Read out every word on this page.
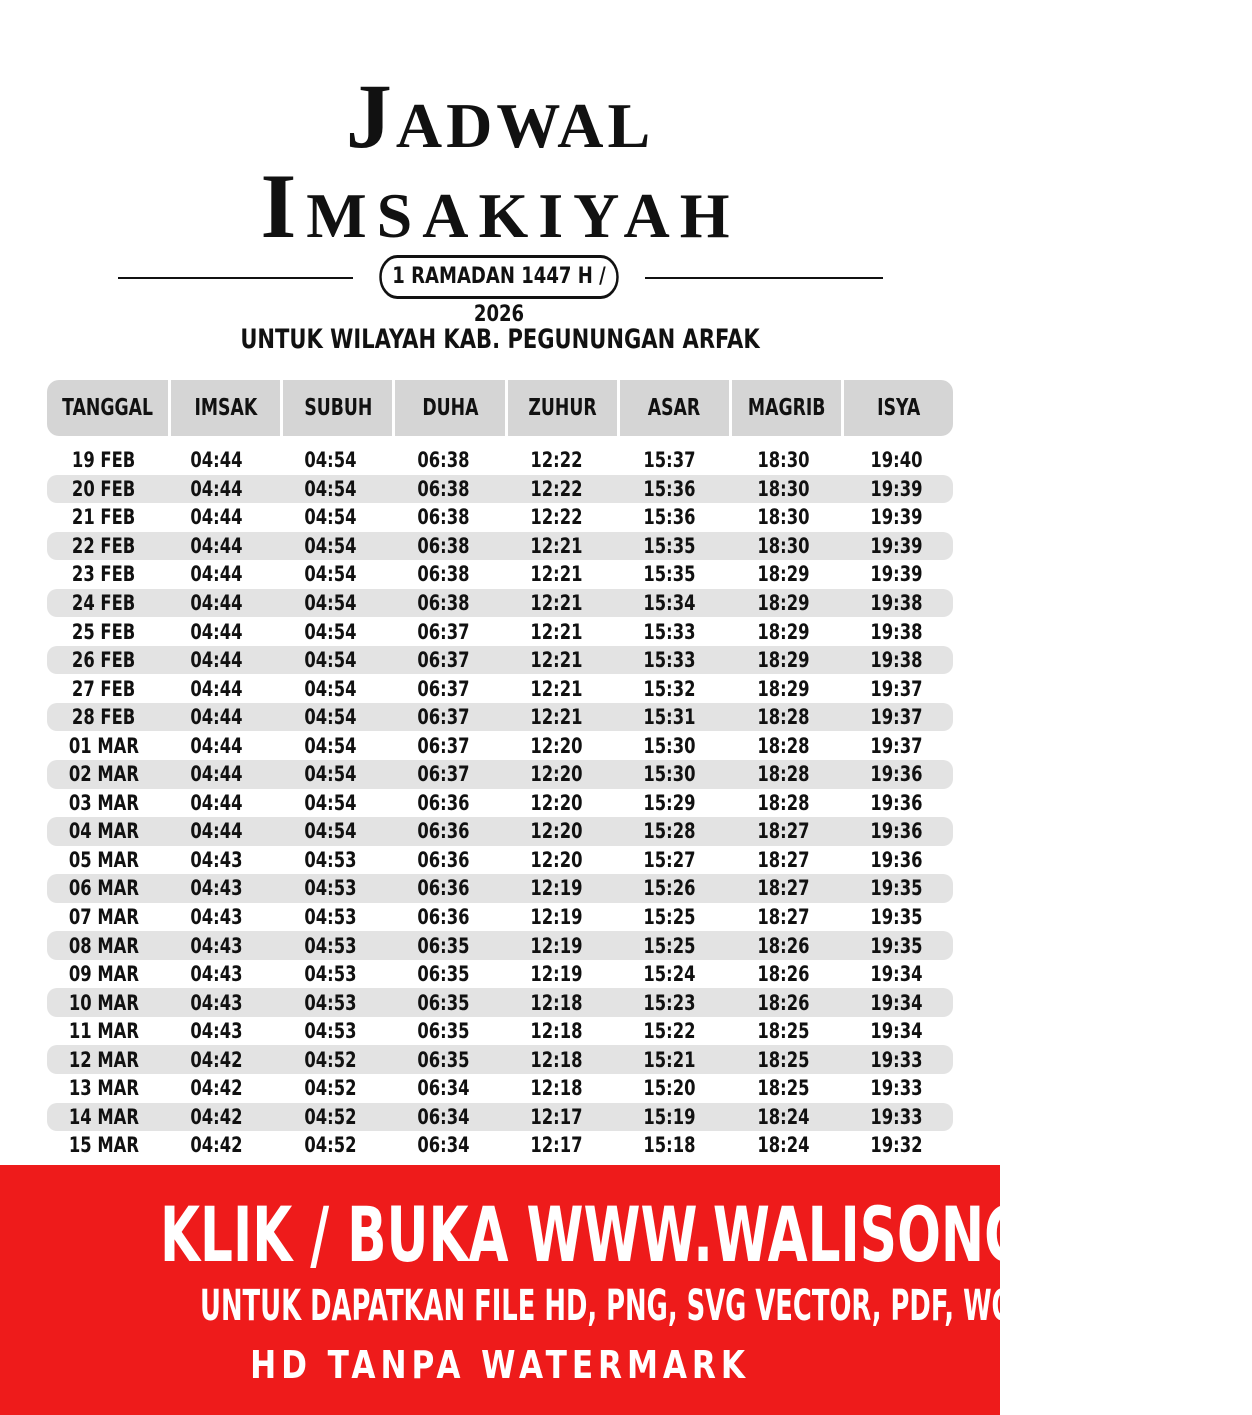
Jadwal
Imsakiyah
1 RAMADAN 1447 H / 2026
UNTUK WILAYAH KAB. PEGUNUNGAN ARFAK
TANGGAL IMSAK SUBUH DUHA ZUHUR ASAR MAGRIB ISYA
19 FEB	04:44	04:54	06:38	12:22	15:37	18:30	19:40
20 FEB	04:44	04:54	06:38	12:22	15:36	18:30	19:39
21 FEB	04:44	04:54	06:38	12:22	15:36	18:30	19:39
22 FEB	04:44	04:54	06:38	12:21	15:35	18:30	19:39
23 FEB	04:44	04:54	06:38	12:21	15:35	18:29	19:39
24 FEB	04:44	04:54	06:38	12:21	15:34	18:29	19:38
25 FEB	04:44	04:54	06:37	12:21	15:33	18:29	19:38
26 FEB	04:44	04:54	06:37	12:21	15:33	18:29	19:38
27 FEB	04:44	04:54	06:37	12:21	15:32	18:29	19:37
28 FEB	04:44	04:54	06:37	12:21	15:31	18:28	19:37
01 MAR 04:44	04:54	06:37	12:20	15:30	18:28	19:37
02 MAR 04:44	04:54	06:37	12:20	15:30	18:28	19:36
03 MAR 04:44	04:54	06:36	12:20	15:29	18:28	19:36
04 MAR 04:44	04:54	06:36	12:20	15:28	18:27	19:36
05 MAR 04:43	04:53	06:36	12:20	15:27	18:27	19:36
06 MAR 04:43	04:53	06:36	12:19	15:26	18:27	19:35
07 MAR 04:43	04:53	06:36	12:19	15:25	18:27	19:35
08 MAR 04:43	04:53	06:35	12:19	15:25	18:26	19:35
09 MAR 04:43	04:53	06:35	12:19	15:24	18:26	19:34
10 MAR 04:43	04:53	06:35	12:18	15:23	18:26	19:34
11 MAR 04:43	04:53	06:35	12:18	15:22	18:25	19:34
12 MAR 04:42	04:52	06:35	12:18	15:21	18:25	19:33
13 MAR 04:42	04:52	06:34	12:18	15:20	18:25	19:33
14 MAR 04:42	04:52	06:34	12:17	15:19	18:24	19:33
15 MAR 04:42	04:52	06:34	12:17	15:18	18:24	19:32
KLIK / BUKA WWW.WALISONGO.CO.ID
UNTUK DAPATKAN FILE HD, PNG, SVG VECTOR, PDF, WORD, EXCEL
HD TANPA WATERMARK
